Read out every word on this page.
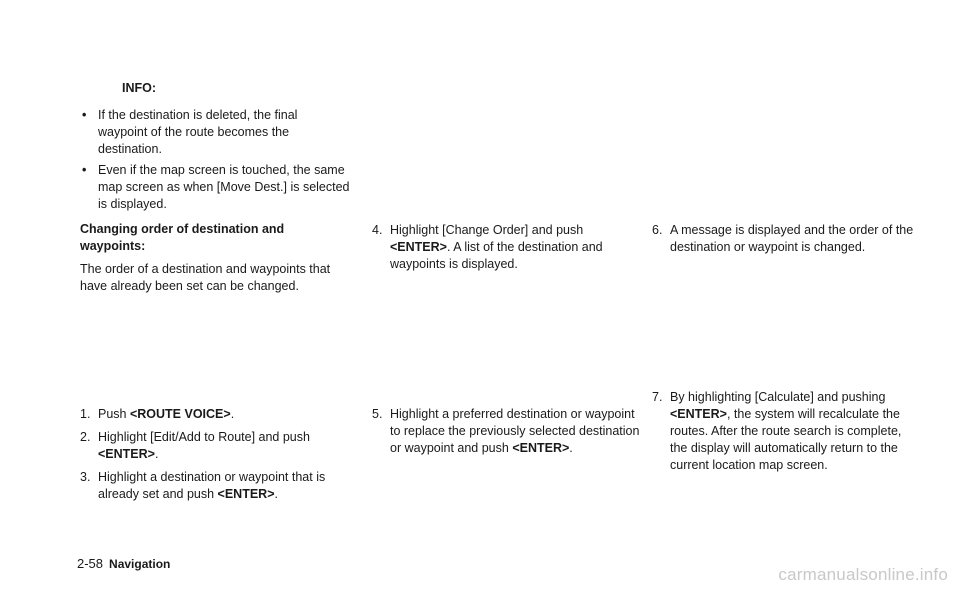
INFO:

• If the destination is deleted, the final waypoint of the route becomes the destination.
• Even if the map screen is touched, the same map screen as when [Move Dest.] is selected is displayed.

Changing order of destination and waypoints:

The order of a destination and waypoints that have already been set can be changed.

1. Push <ROUTE VOICE>.
2. Highlight [Edit/Add to Route] and push <ENTER>.
3. Highlight a destination or waypoint that is already set and push <ENTER>.
4. Highlight [Change Order] and push <ENTER>. A list of the destination and waypoints is displayed.
5. Highlight a preferred destination or waypoint to replace the previously selected destination or waypoint and push <ENTER>.
6. A message is displayed and the order of the destination or waypoint is changed.
7. By highlighting [Calculate] and pushing <ENTER>, the system will recalculate the routes. After the route search is complete, the display will automatically return to the current location map screen.
2-58 Navigation
carmanualsonline.info
